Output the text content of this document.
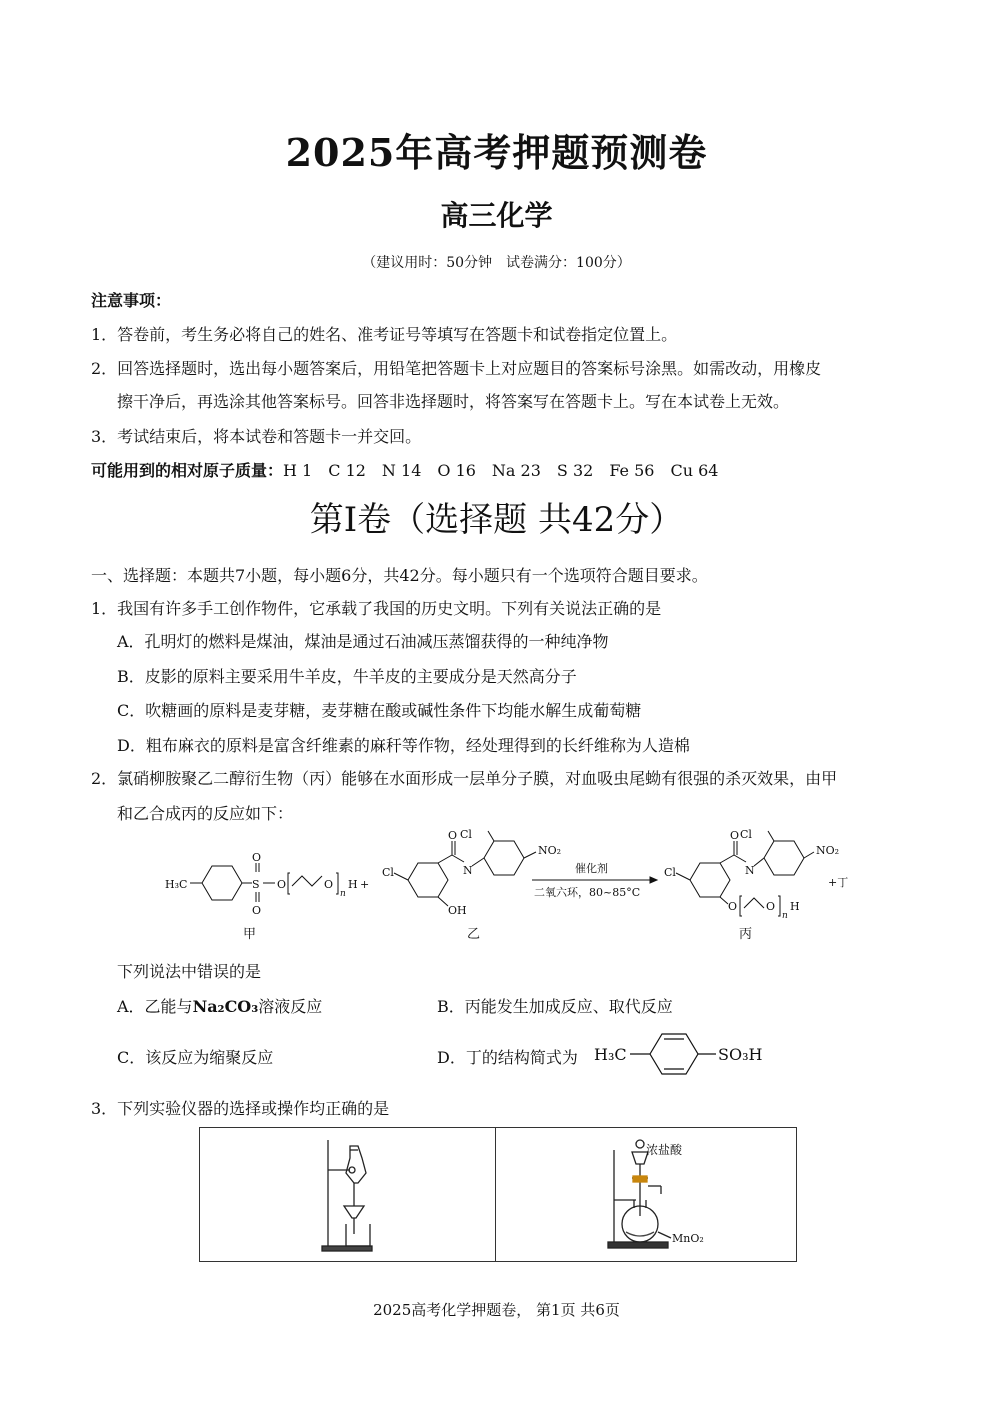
2025年高考押题预测卷
高三化学
（建议用时：50分钟　试卷满分：100分）
注意事项：
1．答卷前，考生务必将自己的姓名、准考证号等填写在答题卡和试卷指定位置上。
2．回答选择题时，选出每小题答案后，用铅笔把答题卡上对应题目的答案标号涂黑。如需改动，用橡皮
擦干净后，再选涂其他答案标号。回答非选择题时，将答案写在答题卡上。写在本试卷上无效。
3．考试结束后，将本试卷和答题卡一并交回。
可能用到的相对原子质量：H 1　C 12　N 14　O 16　Na 23　S 32　Fe 56　Cu 64
第Ⅰ卷（选择题 共42分）
一、选择题：本题共7小题，每小题6分，共42分。每小题只有一个选项符合题目要求。
1．我国有许多手工创作物件，它承载了我国的历史文明。下列有关说法正确的是
A．孔明灯的燃料是煤油，煤油是通过石油减压蒸馏获得的一种纯净物
B．皮影的原料主要采用牛羊皮，牛羊皮的主要成分是天然高分子
C．吹糖画的原料是麦芽糖，麦芽糖在酸或碱性条件下均能水解生成葡萄糖
D．粗布麻衣的原料是富含纤维素的麻秆等作物，经处理得到的长纤维称为人造棉
2．氯硝柳胺聚乙二醇衍生物（丙）能够在水面形成一层单分子膜，对血吸虫尾蚴有很强的杀灭效果，由甲
和乙合成丙的反应如下：
H₃C	S
O
O
O	O
n
H +
Cl
OH
O
N
Cl
NO₂
催化剂
二氧六环，80~85°C
Cl
O	O
n
H
O
N
Cl
NO₂
+丁
甲	乙	丙
下列说法中错误的是
A．乙能与Na₂CO₃溶液反应	B．丙能发生加成反应、取代反应
C．该反应为缩聚反应	D．丁的结构简式为 H₃C	SO₃H
3．下列实验仪器的选择或操作均正确的是

浓盐酸
MnO₂
2025高考化学押题卷， 第1页 共6页
